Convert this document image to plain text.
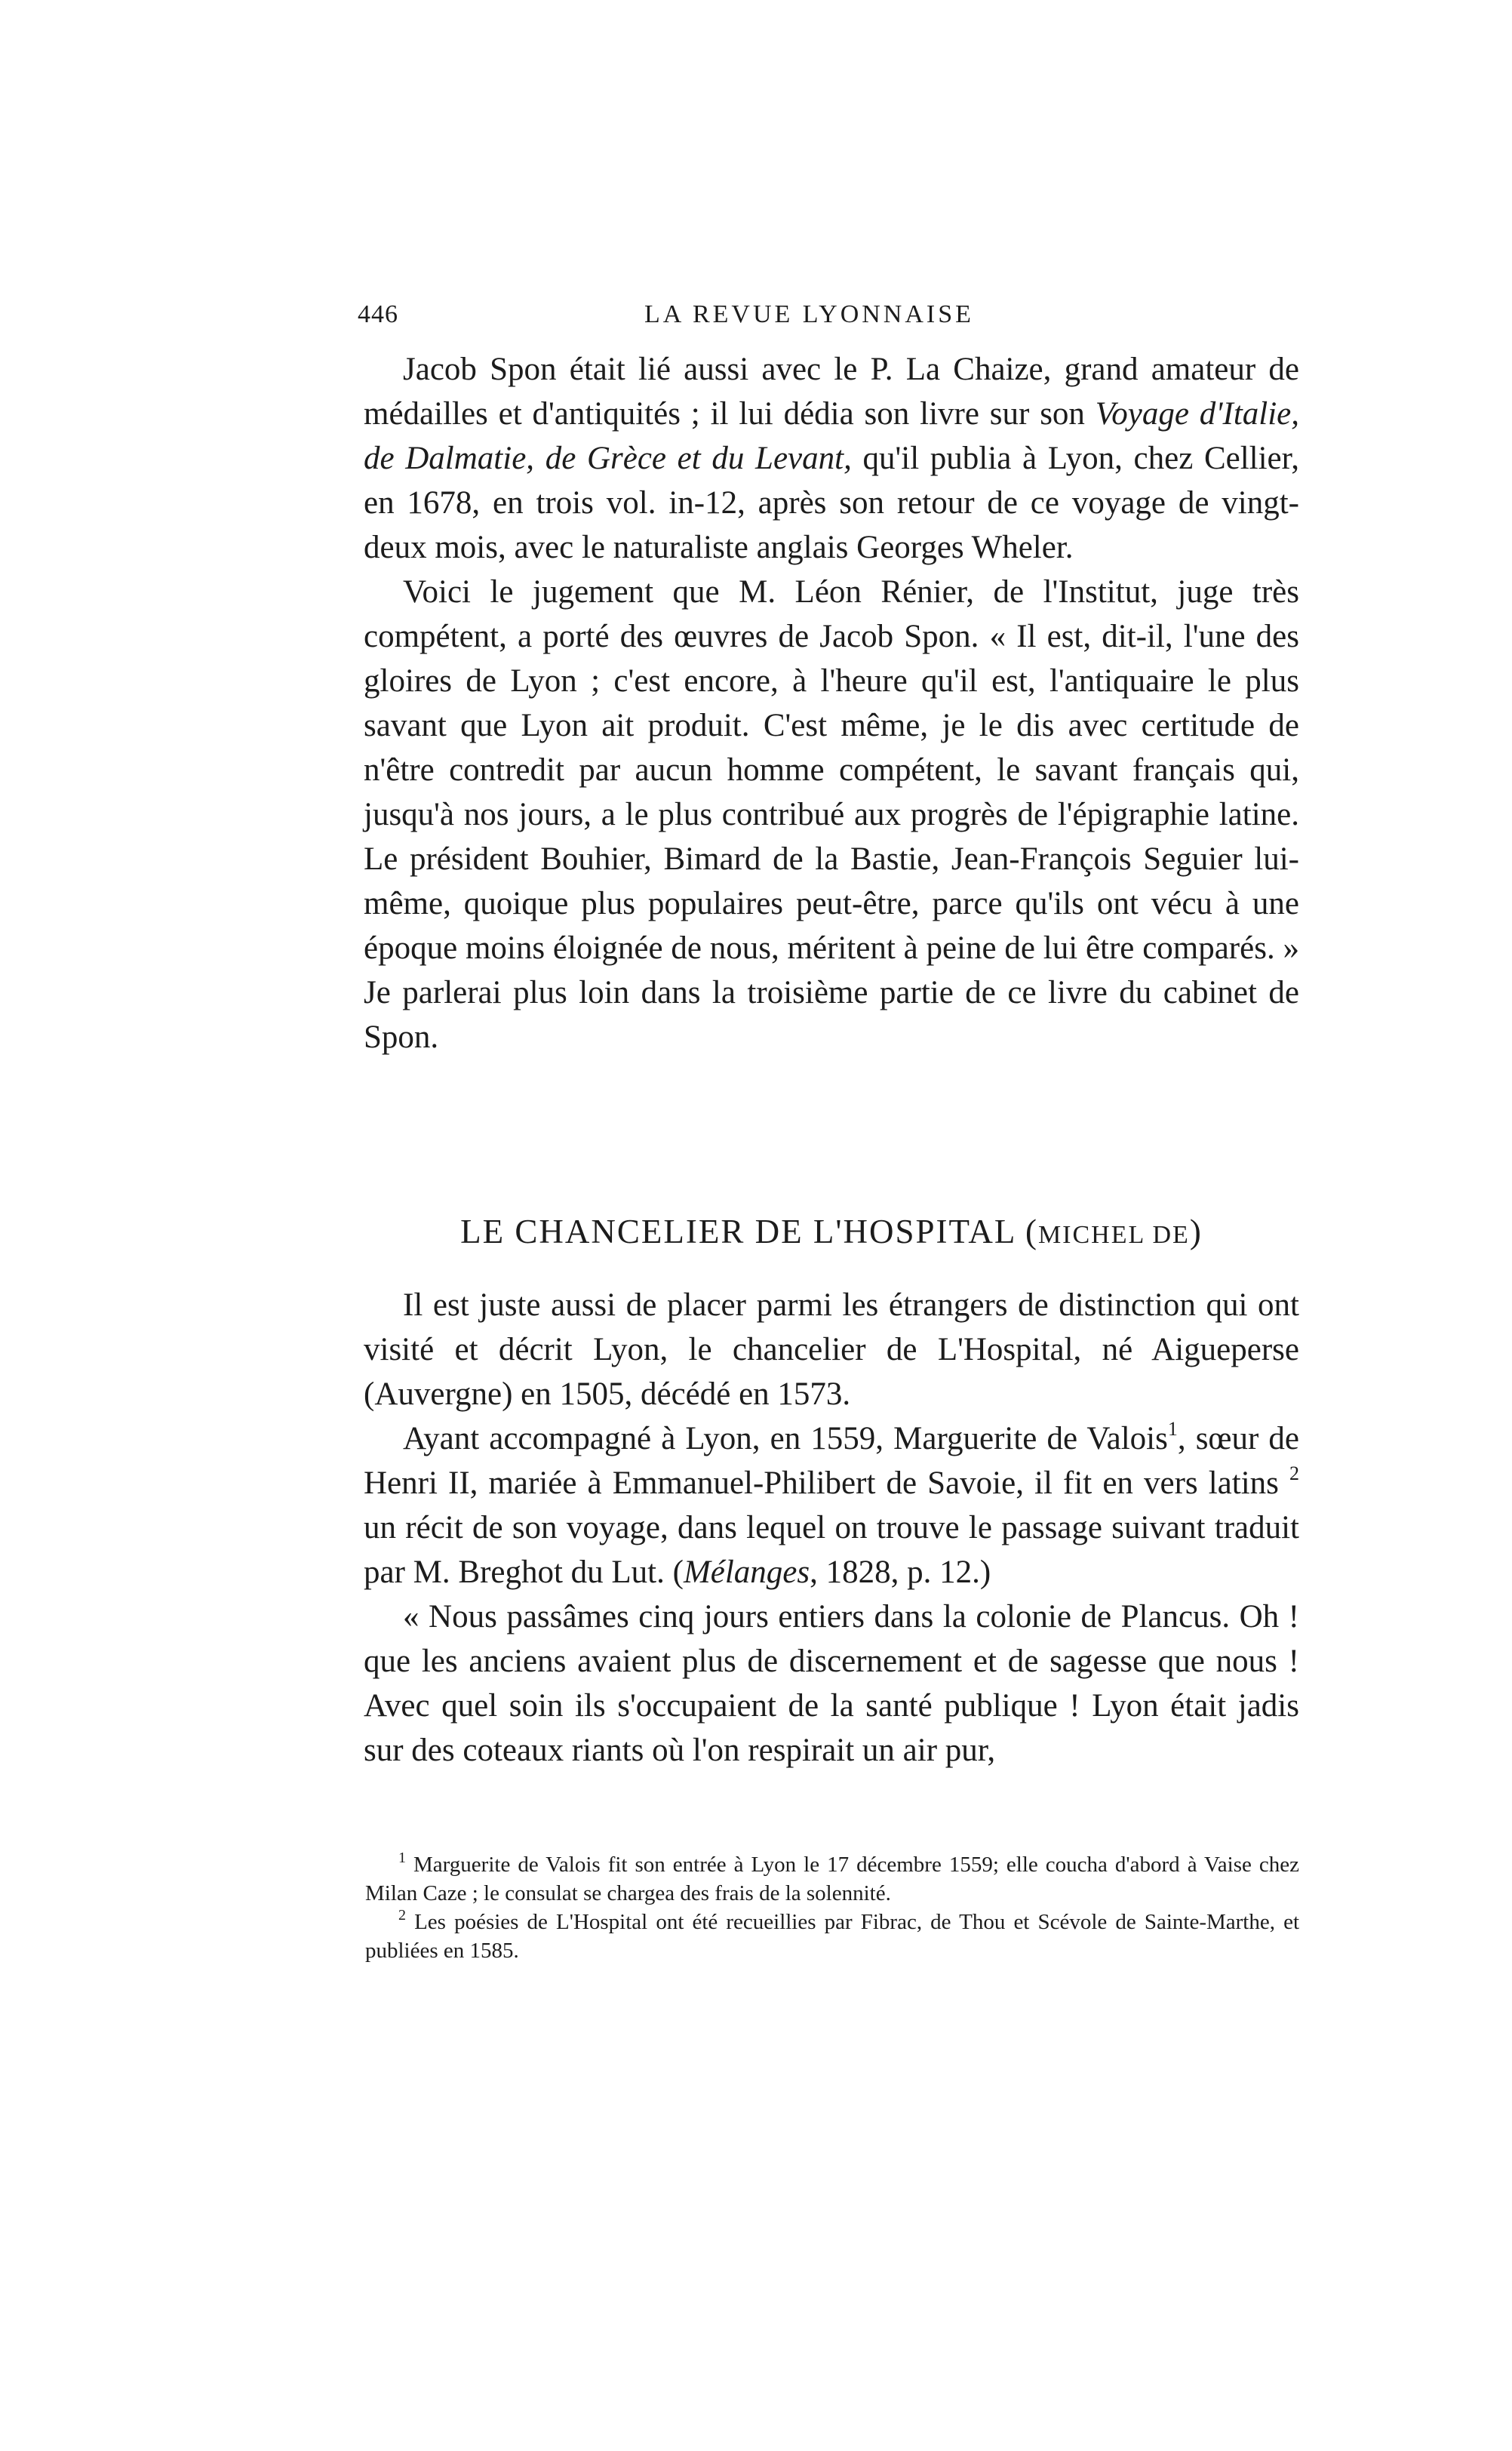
446	LA REVUE LYONNAISE

Jacob Spon était lié aussi avec le P. La Chaize, grand amateur de médailles et d'antiquités ; il lui dédia son livre sur son Voyage d'Italie, de Dalmatie, de Grèce et du Levant, qu'il publia à Lyon, chez Cellier, en 1678, en trois vol. in-12, après son retour de ce voyage de vingt-deux mois, avec le naturaliste anglais Georges Wheler.

Voici le jugement que M. Léon Rénier, de l'Institut, juge très compétent, a porté des œuvres de Jacob Spon. « Il est, dit-il, l'une des gloires de Lyon ; c'est encore, à l'heure qu'il est, l'antiquaire le plus savant que Lyon ait produit. C'est même, je le dis avec certitude de n'être contredit par aucun homme compétent, le savant français qui, jusqu'à nos jours, a le plus contribué aux progrès de l'épigraphie latine. Le président Bouhier, Bimard de la Bastie, Jean-François Seguier lui-même, quoique plus populaires peut-être, parce qu'ils ont vécu à une époque moins éloignée de nous, méritent à peine de lui être comparés. » Je parlerai plus loin dans la troisième partie de ce livre du cabinet de Spon.

LE CHANCELIER DE L'HOSPITAL (MICHEL DE)

Il est juste aussi de placer parmi les étrangers de distinction qui ont visité et décrit Lyon, le chancelier de L'Hospital, né Aigueperse (Auvergne) en 1505, décédé en 1573.

Ayant accompagné à Lyon, en 1559, Marguerite de Valois$^1$, sœur de Henri II, mariée à Emmanuel-Philibert de Savoie, il fit en vers latins $^2$ un récit de son voyage, dans lequel on trouve le passage suivant traduit par M. Breghot du Lut. (Mélanges, 1828, p. 12.)

« Nous passâmes cinq jours entiers dans la colonie de Plancus. Oh ! que les anciens avaient plus de discernement et de sagesse que nous ! Avec quel soin ils s'occupaient de la santé publique ! Lyon était jadis sur des coteaux riants où l'on respirait un air pur,

$^1$ Marguerite de Valois fit son entrée à Lyon le 17 décembre 1559; elle coucha d'abord à Vaise chez Milan Caze ; le consulat se chargea des frais de la solennité.

$^2$ Les poésies de L'Hospital ont été recueillies par Fibrac, de Thou et Scévole de Sainte-Marthe, et publiées en 1585.
